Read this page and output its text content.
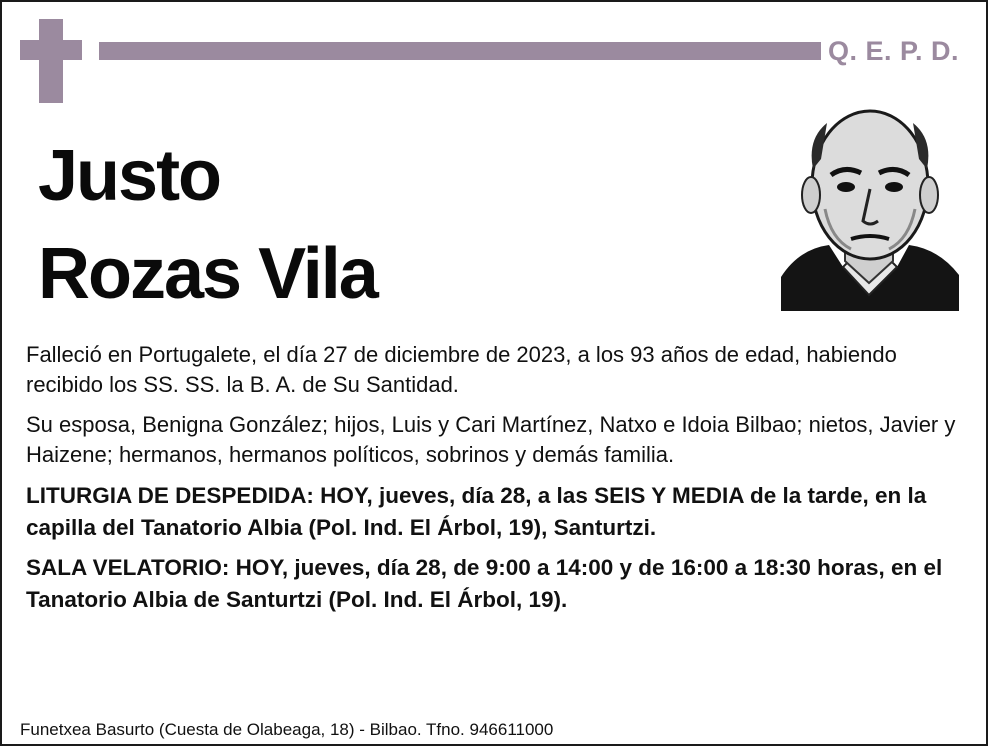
Q. E. P. D.
Justo
Rozas Vila

Falleció en Portugalete, el día 27 de diciembre de 2023, a los 93 años de edad, habiendo recibido los SS. SS. la B. A. de Su Santidad.

Su esposa, Benigna González; hijos, Luis y Cari Martínez, Natxo e Idoia Bilbao; nietos, Javier y Haizene; hermanos, hermanos políticos, sobrinos y demás familia.

LITURGIA DE DESPEDIDA: HOY, jueves, día 28, a las SEIS Y MEDIA de la tarde, en la capilla del Tanatorio Albia (Pol. Ind. El Árbol, 19), Santurtzi.

SALA VELATORIO: HOY, jueves, día 28, de 9:00 a 14:00 y de 16:00 a 18:30 horas, en el Tanatorio Albia de Santurtzi (Pol. Ind. El Árbol, 19).

Funetxea Basurto (Cuesta de Olabeaga, 18) - Bilbao. Tfno. 946611000
